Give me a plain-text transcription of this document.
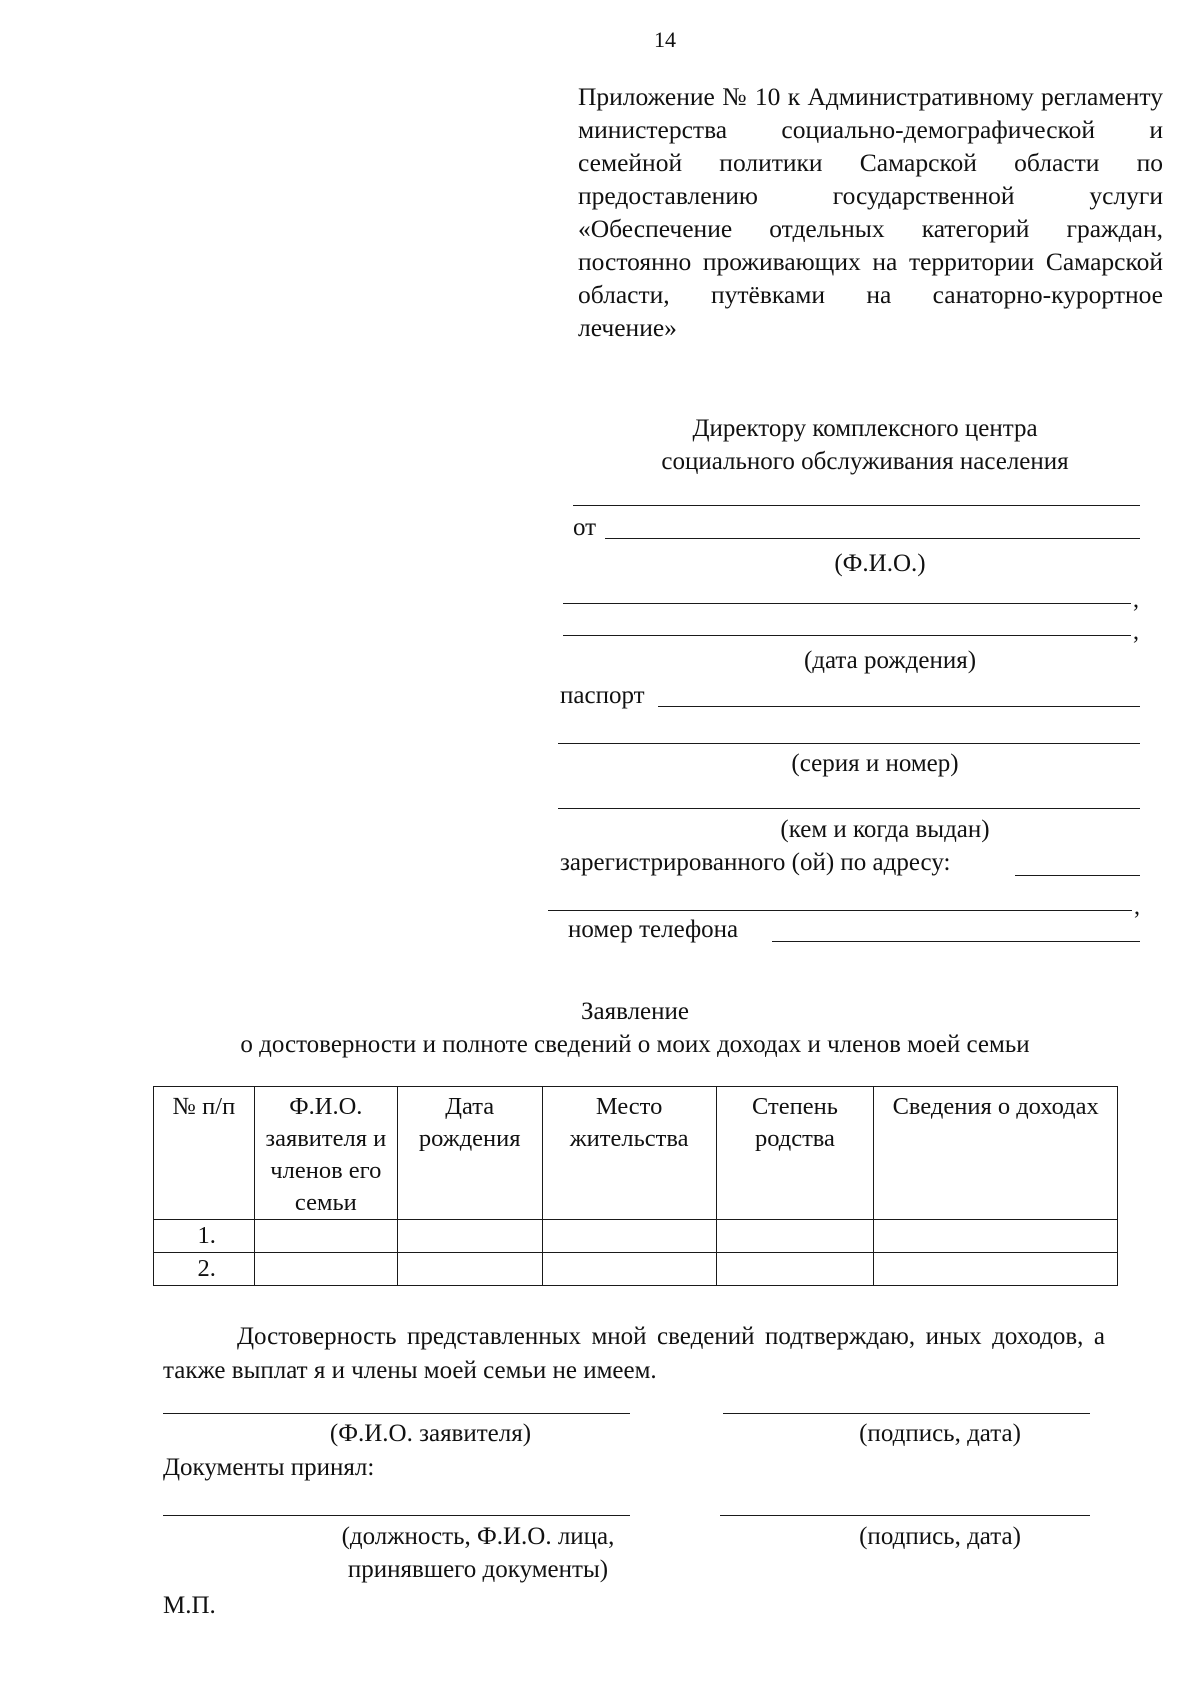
14
Приложение № 10 к Административному регламенту министерства социально-демографической и семейной политики Самарской области по предоставлению государственной услуги «Обеспечение отдельных категорий граждан, постоянно проживающих на территории Самарской области, путёвками на санаторно-курортное лечение»
Директору комплексного центра
социального обслуживания населения
от
(Ф.И.О.)
,
,
(дата рождения)
паспорт
(серия и номер)
(кем и когда выдан)
зарегистрированного (ой) по адресу:
,
номер телефона
Заявление
о достоверности и полноте сведений о моих доходах и членов моей семьи
№ п/п	Ф.И.О. заявителя и членов его семьи	Дата рождения	Место жительства	Степень родства	Сведения о доходах
1.					
2.					
Достоверность представленных мной сведений подтверждаю, иных доходов, а также выплат я и члены моей семьи не имеем.
(Ф.И.О. заявителя)	(подпись, дата)
Документы принял:
(должность, Ф.И.О. лица,
принявшего документы)
(подпись, дата)
М.П.
